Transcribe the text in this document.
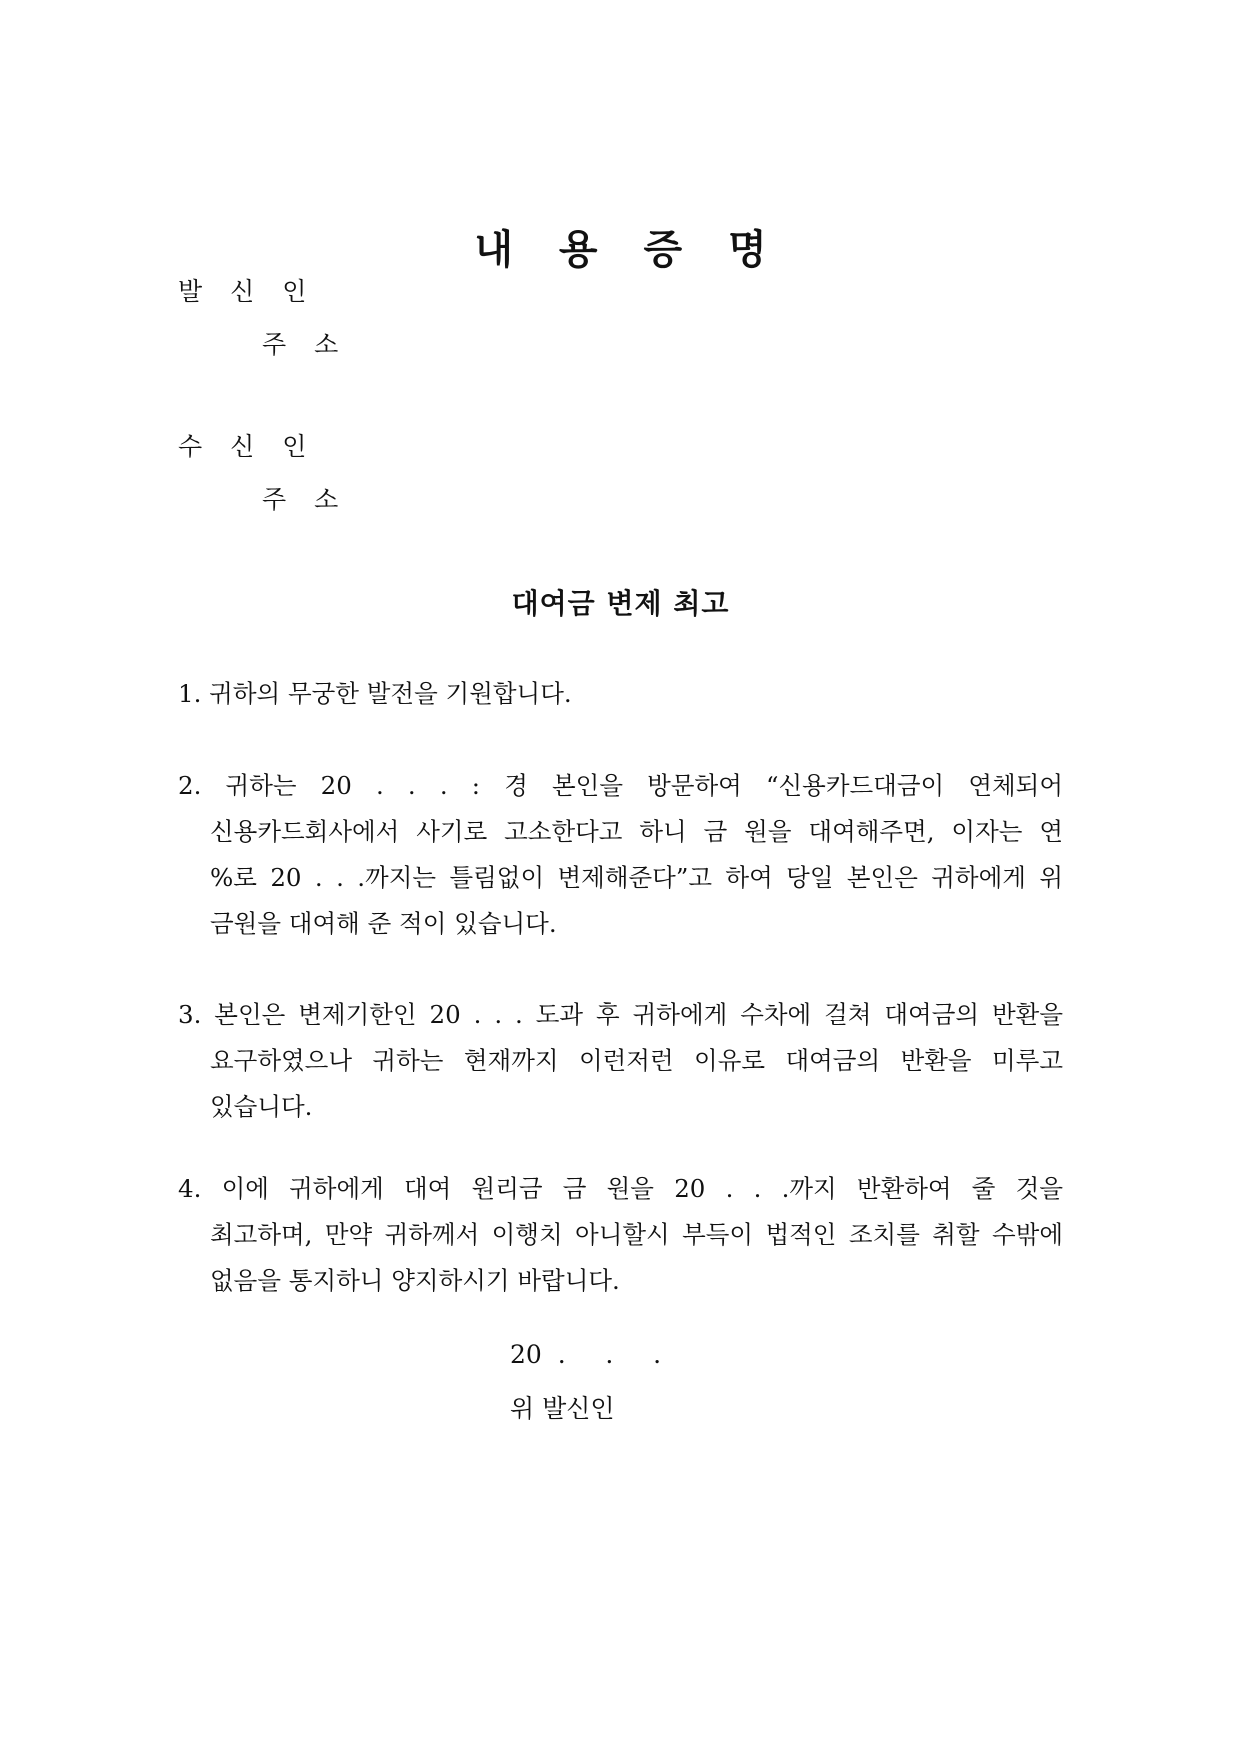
내 용 증 명
발 신 인
주 소
수 신 인
주 소
대여금 변제 최고
1. 귀하의 무궁한 발전을 기원합니다.
2. 귀하는 20 . . . : 경 본인을 방문하여 “신용카드대금이 연체되어
신용카드회사에서 사기로 고소한다고 하니 금 원을 대여해주면, 이자는 연
%로 20 . . .까지는 틀림없이 변제해준다”고 하여 당일 본인은 귀하에게 위
금원을 대여해 준 적이 있습니다.
3. 본인은 변제기한인 20 . . . 도과 후 귀하에게 수차에 걸쳐 대여금의 반환을
요구하였으나 귀하는 현재까지 이런저런 이유로 대여금의 반환을 미루고
있습니다.
4. 이에 귀하에게 대여 원리금 금 원을 20 . . .까지 반환하여 줄 것을
최고하며, 만약 귀하께서 이행치 아니할시 부득이 법적인 조치를 취할 수밖에
없음을 통지하니 양지하시기 바랍니다.
20  .     .     .
위 발신인
